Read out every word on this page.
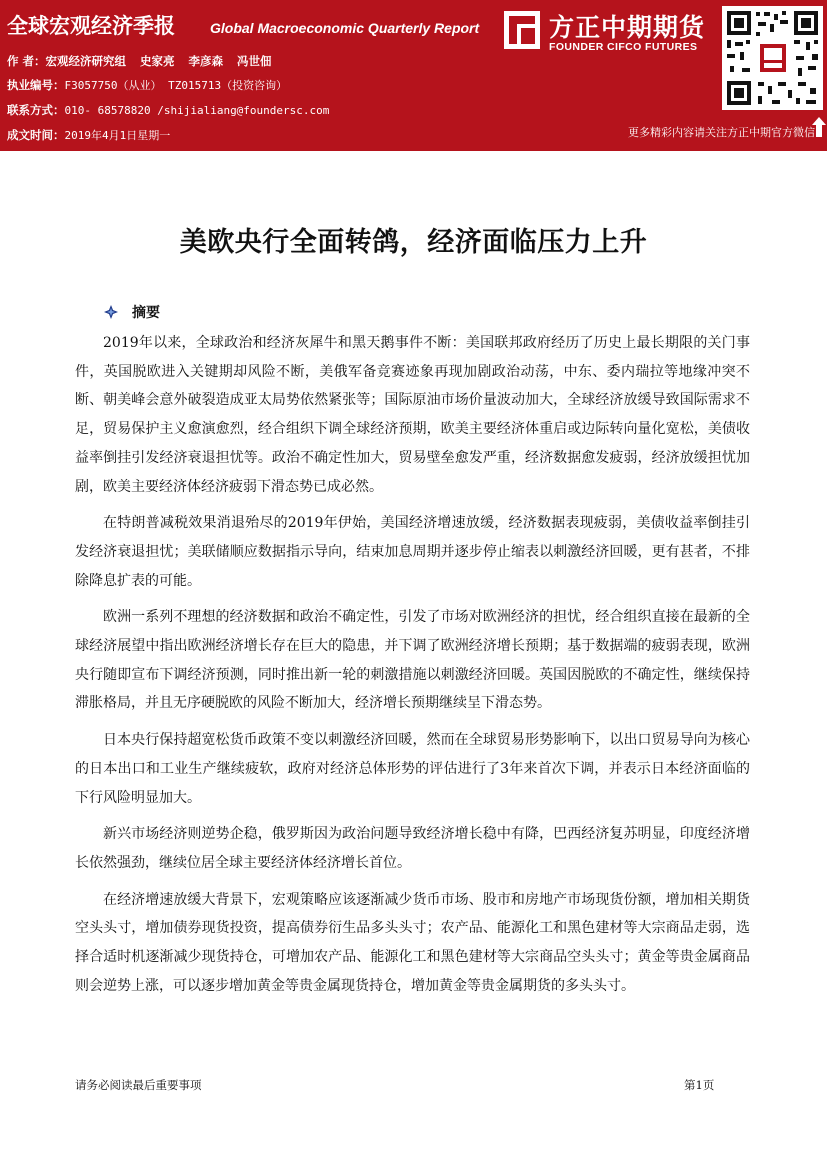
全球宏观经济季报	Global Macroeconomic Quarterly Report	方正中期期货
FOUNDER CIFCO FUTURES
作 者：宏观经济研究组 史家亮 李彦森 冯世佃
执业编号：F3057750（从业） TZ015713（投资咨询）
联系方式：010- 68578820 /shijialiang@foundersc.com
成文时间：2019年4月1日星期一	更多精彩内容请关注方正中期官方微信
美欧央行全面转鸽，经济面临压力上升
摘要

2019年以来，全球政治和经济灰犀牛和黑天鹅事件不断：美国联邦政府经历了历史上最长期限的关门事件，英国脱欧进入关键期却风险不断，美俄军备竞赛迹象再现加剧政治动荡，中东、委内瑞拉等地缘冲突不断、朝美峰会意外破裂造成亚太局势依然紧张等；国际原油市场价量波动加大，全球经济放缓导致国际需求不足，贸易保护主义愈演愈烈，经合组织下调全球经济预期，欧美主要经济体重启或边际转向量化宽松，美债收益率倒挂引发经济衰退担忧等。政治不确定性加大，贸易壁垒愈发严重，经济数据愈发疲弱，经济放缓担忧加剧，欧美主要经济体经济疲弱下滑态势已成必然。

在特朗普减税效果消退殆尽的2019年伊始，美国经济增速放缓，经济数据表现疲弱，美债收益率倒挂引发经济衰退担忧；美联储顺应数据指示导向，结束加息周期并逐步停止缩表以刺激经济回暖，更有甚者，不排除降息扩表的可能。

欧洲一系列不理想的经济数据和政治不确定性，引发了市场对欧洲经济的担忧，经合组织直接在最新的全球经济展望中指出欧洲经济增长存在巨大的隐患，并下调了欧洲经济增长预期；基于数据端的疲弱表现，欧洲央行随即宣布下调经济预测，同时推出新一轮的刺激措施以刺激经济回暖。英国因脱欧的不确定性，继续保持滞胀格局，并且无序硬脱欧的风险不断加大，经济增长预期继续呈下滑态势。

日本央行保持超宽松货币政策不变以刺激经济回暖，然而在全球贸易形势影响下，以出口贸易导向为核心的日本出口和工业生产继续疲软，政府对经济总体形势的评估进行了3年来首次下调，并表示日本经济面临的下行风险明显加大。

新兴市场经济则逆势企稳，俄罗斯因为政治问题导致经济增长稳中有降，巴西经济复苏明显，印度经济增长依然强劲，继续位居全球主要经济体经济增长首位。

在经济增速放缓大背景下，宏观策略应该逐渐减少货币市场、股市和房地产市场现货份额，增加相关期货空头头寸，增加债券现货投资，提高债券衍生品多头头寸；农产品、能源化工和黑色建材等大宗商品走弱，选择合适时机逐渐减少现货持仓，可增加农产品、能源化工和黑色建材等大宗商品空头头寸；黄金等贵金属商品则会逆势上涨，可以逐步增加黄金等贵金属现货持仓，增加黄金等贵金属期货的多头头寸。

请务必阅读最后重要事项	第1页
